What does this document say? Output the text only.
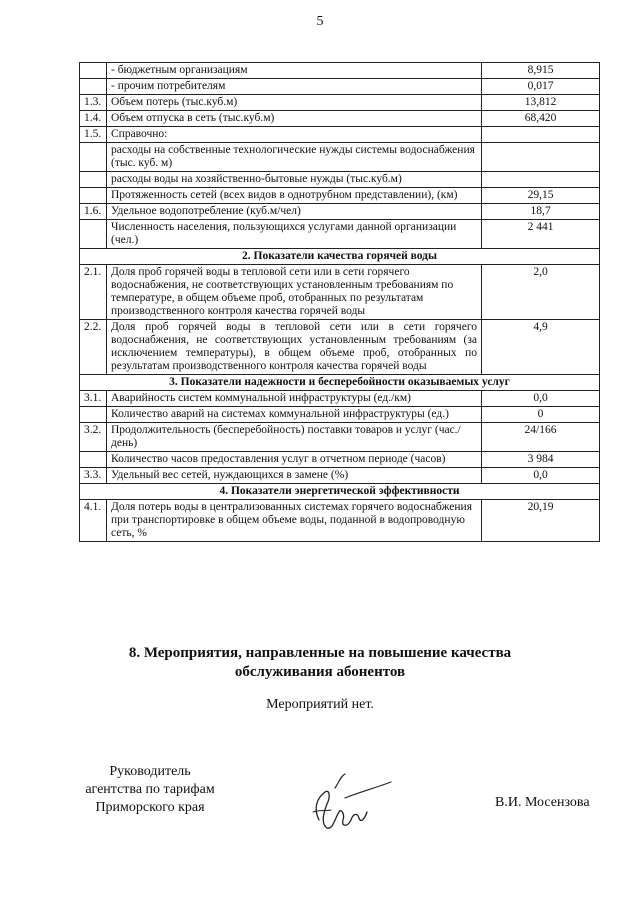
5
	- бюджетным организациям	8,915
	- прочим потребителям	0,017
1.3.	Объем потерь (тыс.куб.м)	13,812
1.4.	Объем отпуска в сеть (тыс.куб.м)	68,420
1.5.	Справочно:	
	расходы на собственные технологические нужды системы водоснабжения (тыс. куб. м)	
	расходы воды на хозяйственно-бытовые нужды (тыс.куб.м)	
	Протяженность сетей (всех видов в однотрубном представлении), (км)	29,15
1.6.	Удельное водопотребление (куб.м/чел)	18,7
	Численность населения, пользующихся услугами данной организации (чел.)	2 441
2. Показатели качества горячей воды		
2.1.	Доля проб горячей воды в тепловой сети или в сети горячего водоснабжения, не соответствующих установленным требованиям по температуре, в общем объеме проб, отобранных по результатам производственного контроля качества горячей воды	2,0
2.2.	Доля проб горячей воды в тепловой сети или в сети горячего водоснабжения, не соответствующих установленным требованиям (за исключением температуры), в общем объеме проб, отобранных по результатам производственного контроля качества горячей воды	4,9
3. Показатели надежности и бесперебойности оказываемых услуг		
3.1.	Аварийность систем коммунальной инфраструктуры (ед./км)	0,0
	Количество аварий на системах коммунальной инфраструктуры (ед.)	0
3.2.	Продолжительность (бесперебойность) поставки товаров и услуг (час./день)	24/166
	Количество часов предоставления услуг в отчетном периоде (часов)	3 984
3.3.	Удельный вес сетей, нуждающихся в замене (%)	0,0
4. Показатели энергетической эффективности		
4.1.	Доля потерь воды в централизованных системах горячего водоснабжения при транспортировке в общем объеме воды, поданной в водопроводную сеть, %	20,19
8. Мероприятия, направленные на повышение качества
обслуживания абонентов
Мероприятий нет.
Руководитель
агентства по тарифам
Приморского края	В.И. Мосензова
